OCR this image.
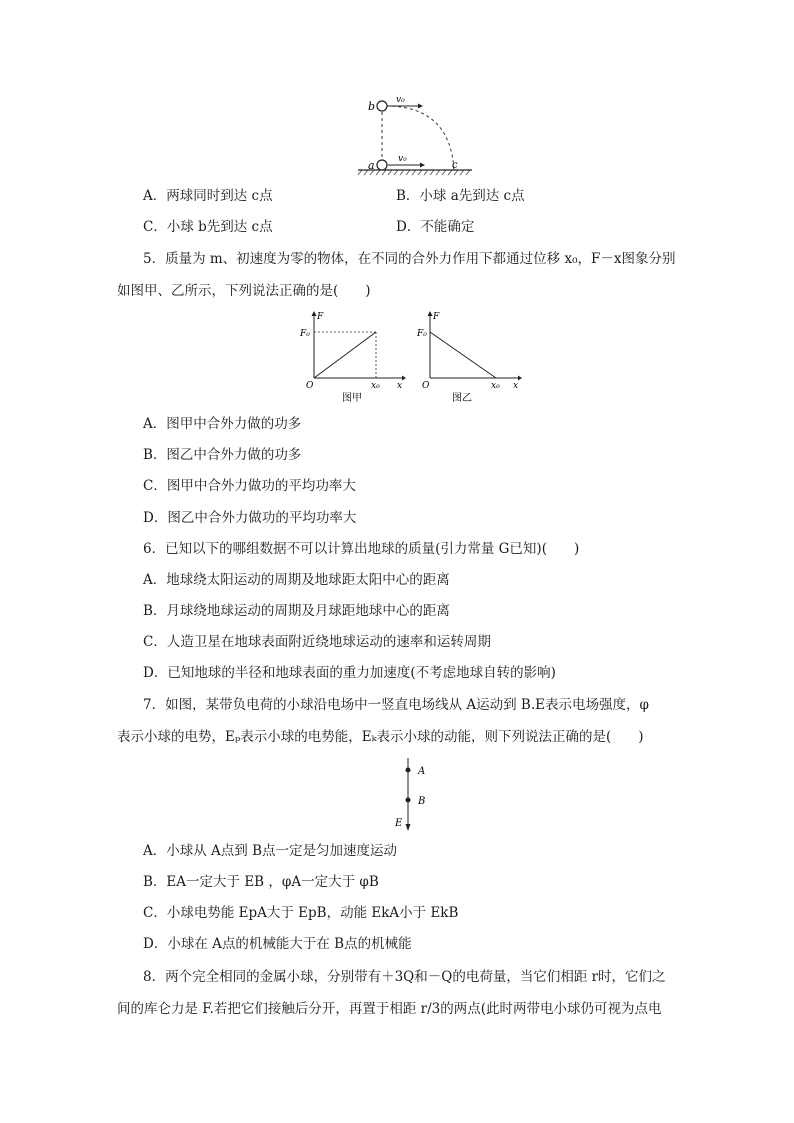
b
a	c
v₀
v₀
A．两球同时到达 c点	B．小球 a先到达 c点
C．小球 b先到达 c点	D．不能确定
5．质量为 m、初速度为零的物体，在不同的合外力作用下都通过位移 x₀，F－x图象分别
如图甲、乙所示，下列说法正确的是(　　)
F
x
F₀
x₀
O
图甲
F
x
F₀
x₀
O
图乙
A．图甲中合外力做的功多
B．图乙中合外力做的功多
C．图甲中合外力做功的平均功率大
D．图乙中合外力做功的平均功率大
6．已知以下的哪组数据不可以计算出地球的质量(引力常量 G已知)(　　)
A．地球绕太阳运动的周期及地球距太阳中心的距离
B．月球绕地球运动的周期及月球距地球中心的距离
C．人造卫星在地球表面附近绕地球运动的速率和运转周期
D．已知地球的半径和地球表面的重力加速度(不考虑地球自转的影响)
7．如图，某带负电荷的小球沿电场中一竖直电场线从 A运动到 B.E表示电场强度，φ
表示小球的电势，Eₚ表示小球的电势能，Eₖ表示小球的动能，则下列说法正确的是(　　)
A
B
E
A．小球从 A点到 B点一定是匀加速度运动
B．EA一定大于 EB ，φA一定大于 φB
C．小球电势能 EpA大于 EpB，动能 EkA小于 EkB
D．小球在 A点的机械能大于在 B点的机械能
8．两个完全相同的金属小球，分别带有＋3Q和－Q的电荷量，当它们相距 r时，它们之
间的库仑力是 F.若把它们接触后分开，再置于相距 r/3的两点(此时两带电小球仍可视为点电
